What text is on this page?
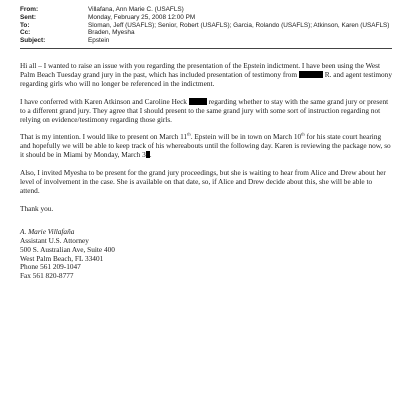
From:	Villafana, Ann Marie C. (USAFLS)
Sent:	Monday, February 25, 2008 12:00 PM
To:	Sloman, Jeff (USAFLS); Senior, Robert (USAFLS); Garcia, Rolando (USAFLS); Atkinson, Karen (USAFLS)
Cc:	Braden, Myesha
Subject:	Epstein

Hi all – I wanted to raise an issue with you regarding the presentation of the Epstein indictment. I have been using the West Palm Beach Tuesday grand jury in the past, which has included presentation of testimony from	R. and agent testimony regarding girls who will no longer be referenced in the indictment.

I have conferred with Karen Atkinson and Caroline Heck	regarding whether to stay with the same grand jury or present to a different grand jury. They agree that I should present to the same grand jury with some sort of instruction regarding not relying on evidence/testimony regarding those girls.

That is my intention. I would like to present on March 11th. Epstein will be in town on March 10th for his state court hearing and hopefully we will be able to keep track of his whereabouts until the following day. Karen is reviewing the package now, so it should be in Miami by Monday, March 3 .

Also, I invited Myesha to be present for the grand jury proceedings, but she is waiting to hear from Alice and Drew about her level of involvement in the case. She is available on that date, so, if Alice and Drew decide about this, she will be able to attend.

Thank you.

A. Marie Villafaña
Assistant U.S. Attorney
500 S. Australian Ave, Suite 400
West Palm Beach, FL 33401
Phone 561 209-1047
Fax 561 820-8777
